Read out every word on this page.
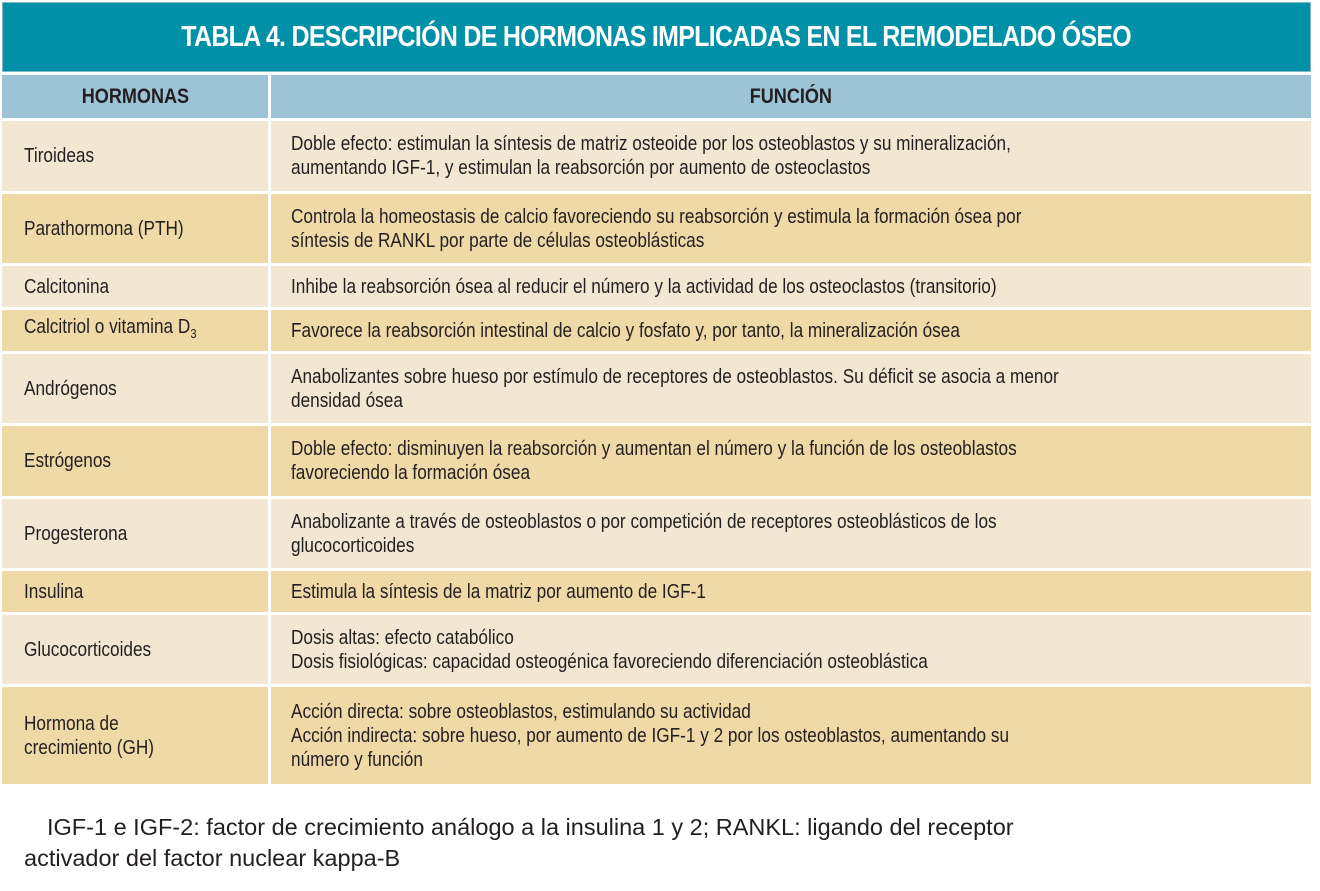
TABLA 4. DESCRIPCIÓN DE HORMONAS IMPLICADAS EN EL REMODELADO ÓSEO
HORMONAS	FUNCIÓN
Tiroideas	Doble efecto: estimulan la síntesis de matriz osteoide por los osteoblastos y su mineralización,
aumentando IGF-1, y estimulan la reabsorción por aumento de osteoclastos
Parathormona (PTH)	Controla la homeostasis de calcio favoreciendo su reabsorción y estimula la formación ósea por
síntesis de RANKL por parte de células osteoblásticas
Calcitonina	Inhibe la reabsorción ósea al reducir el número y la actividad de los osteoclastos (transitorio)
Calcitriol o vitamina $D_3$	Favorece la reabsorción intestinal de calcio y fosfato y, por tanto, la mineralización ósea
Andrógenos	Anabolizantes sobre hueso por estímulo de receptores de osteoblastos. Su déficit se asocia a menor
densidad ósea
Estrógenos	Doble efecto: disminuyen la reabsorción y aumentan el número y la función de los osteoblastos
favoreciendo la formación ósea
Progesterona	Anabolizante a través de osteoblastos o por competición de receptores osteoblásticos de los
glucocorticoides
Insulina	Estimula la síntesis de la matriz por aumento de IGF-1
Glucocorticoides	Dosis altas: efecto catabólico
Dosis fisiológicas: capacidad osteogénica favoreciendo diferenciación osteoblástica
Hormona de
crecimiento (GH)	Acción directa: sobre osteoblastos, estimulando su actividad
Acción indirecta: sobre hueso, por aumento de IGF-1 y 2 por los osteoblastos, aumentando su
número y función
IGF-1 e IGF-2: factor de crecimiento análogo a la insulina 1 y 2; RANKL: ligando del receptor
activador del factor nuclear kappa-B
